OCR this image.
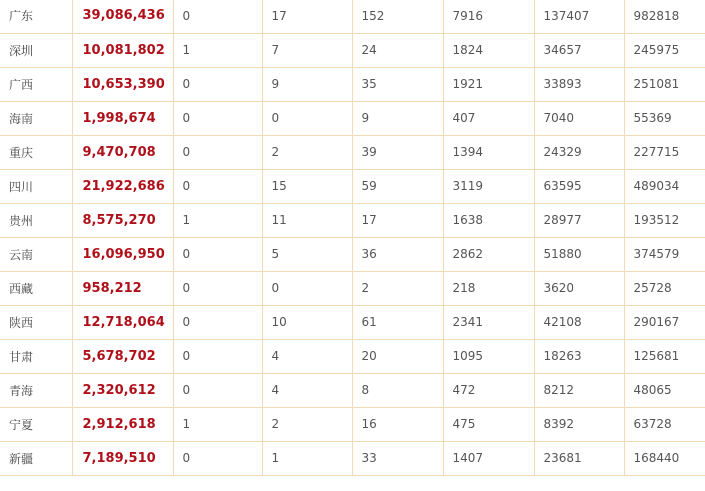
广东	39,086,436	0	17	152	7916	137407	982818
深圳	10,081,802	1	7	24	1824	34657	245975
广西	10,653,390	0	9	35	1921	33893	251081
海南	1,998,674	0	0	9	407	7040	55369
重庆	9,470,708	0	2	39	1394	24329	227715
四川	21,922,686	0	15	59	3119	63595	489034
贵州	8,575,270	1	11	17	1638	28977	193512
云南	16,096,950	0	5	36	2862	51880	374579
西藏	958,212	0	0	2	218	3620	25728
陕西	12,718,064	0	10	61	2341	42108	290167
甘肃	5,678,702	0	4	20	1095	18263	125681
青海	2,320,612	0	4	8	472	8212	48065
宁夏	2,912,618	1	2	16	475	8392	63728
新疆	7,189,510	0	1	33	1407	23681	168440
